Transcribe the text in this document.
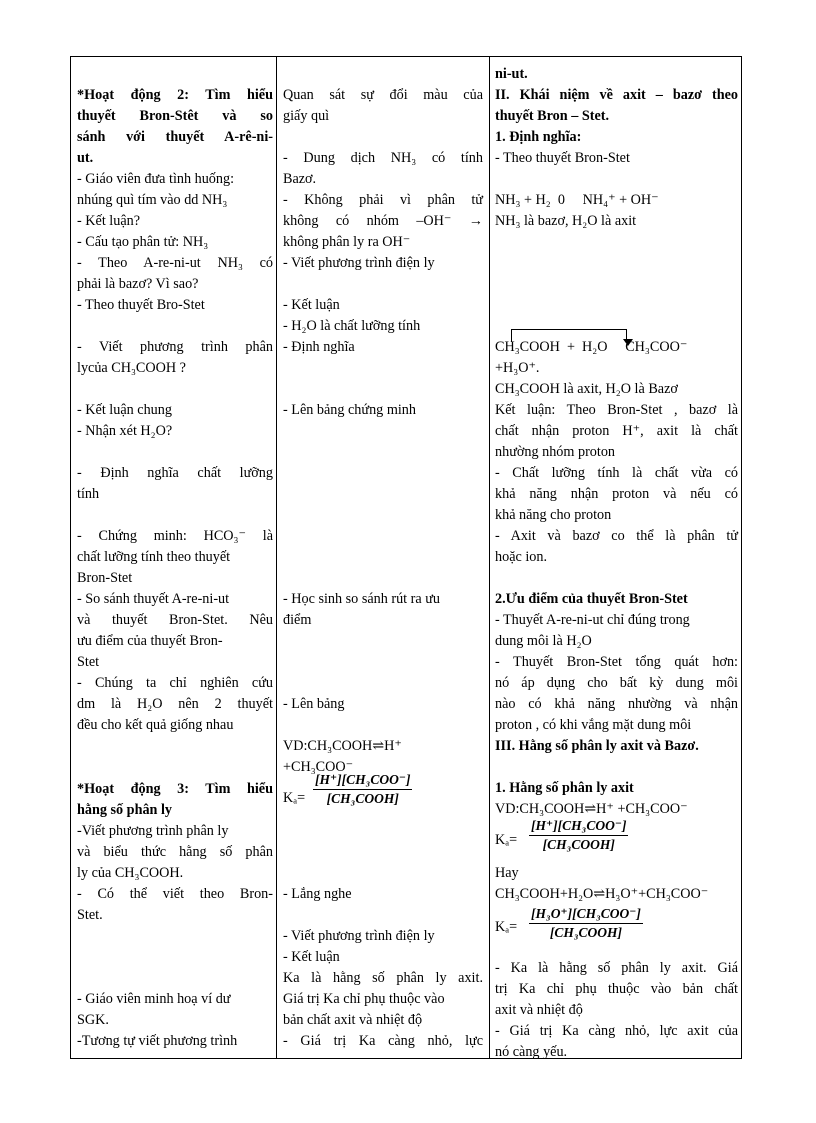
*Hoạt động 2: Tìm hiểu
thuyết Bron-Stêt và so
sánh với thuyết A-rê-ni-
ut.
- Giáo viên đưa tình huống:
nhúng quì tím vào dd NH₃
- Kết luận?
- Cấu tạo phân tử: NH₃
- Theo A-re-ni-ut NH₃ có
phải là bazơ? Vì sao?
- Theo thuyết Bro-Stet
- Viết phương trình phân
lycủa CH₃COOH ?
- Kết luận chung
- Nhận xét H₂O?
- Định nghĩa chất lưỡng
tính
- Chứng minh: HCO₃⁻ là
chất lưỡng tính theo thuyết
Bron-Stet
- So sánh thuyết A-re-ni-ut
và thuyết Bron-Stet. Nêu
ưu điểm của thuyết Bron-
Stet
- Chúng ta chỉ nghiên cứu
dm là H₂O nên 2 thuyết
đều cho kết quả giống nhau
*Hoạt động 3: Tìm hiểu
hằng số phân ly
-Viết phương trình phân ly
và biểu thức hằng số phân
ly của CH₃COOH.
- Có thể viết theo Bron-
Stet.
- Giáo viên minh hoạ ví dư
SGK.
-Tương tự viết phương trình
Quan sát sự đổi màu của
giấy quì
- Dung dịch NH₃ có tính
Bazơ.
- Không phải vì phân tử
không có nhóm –OH⁻ →
không phân ly ra OH⁻
- Viết phương trình điện ly
- Kết luận
- H₂O là chất lưỡng tính
- Định nghĩa
- Lên bảng chứng minh
- Học sinh so sánh rút ra ưu
điểm
- Lên bảng
VD:CH₃COOH⇌H⁺
+CH₃COO⁻
Kₐ=
[H⁺][CH₃COO⁻]
[CH₃COOH]
- Lắng nghe
- Viết phương trình điện ly
- Kết luận
Ka là hằng số phân ly axit.
Giá trị Ka chỉ phụ thuộc vào
bản chất axit và nhiệt độ
- Giá trị Ka càng nhỏ, lực
ni-ut.
II. Khái niệm về axit – bazơ theo
thuyết Bron – Stet.
1. Định nghĩa:
- Theo thuyết Bron-Stet
NH₃ + H₂  0     NH₄⁺ + OH⁻
NH₃ là bazơ, H₂O là axit
CH₃COOH  +  H₂O     CH₃COO⁻
+H₃O⁺.
CH₃COOH là axit, H₂O là Bazơ
Kết luận: Theo Bron-Stet , bazơ là
chất nhận proton H⁺, axit là chất
nhường nhóm proton
- Chất lưỡng tính là chất vừa có
khả năng nhận proton và nếu có
khả năng cho proton
- Axit và bazơ co thể là phân tử
hoặc ion.
2.Ưu điểm của thuyết Bron-Stet
- Thuyết A-re-ni-ut chỉ đúng trong
dung môi là H₂O
- Thuyết Bron-Stet tổng quát hơn:
nó áp dụng cho bất kỳ dung môi
nào có khả năng nhường và nhận
proton , có khi vắng mặt dung môi
III. Hằng số phân ly axit và Bazơ.
1. Hằng số phân ly axit
VD:CH₃COOH⇌H⁺ +CH₃COO⁻
Kₐ=
[H⁺][CH₃COO⁻]
[CH₃COOH]
Hay
CH₃COOH+H₂O⇌H₃O⁺+CH₃COO⁻
Kₐ=
[H₃O⁺][CH₃COO⁻]
[CH₃COOH]
- Ka là hằng số phân ly axit. Giá
trị Ka chỉ phụ thuộc vào bản chất
axit và nhiệt độ
- Giá trị Ka càng nhỏ, lực axit của
nó càng yếu.
